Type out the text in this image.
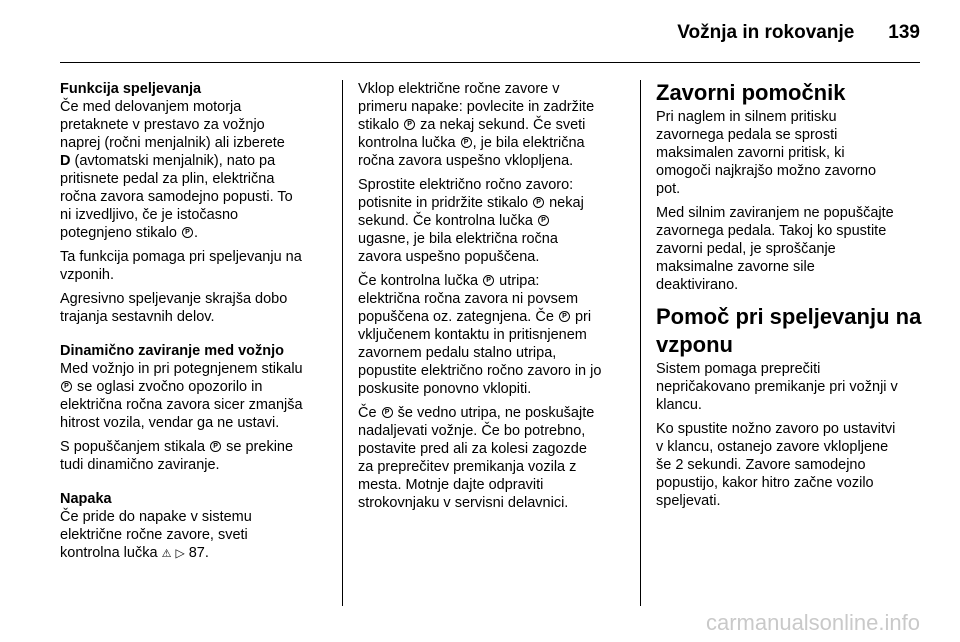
Vožnja in rokovanje 139
Funkcija speljevanja

Če med delovanjem motorja
pretaknete v prestavo za vožnjo
naprej (ročni menjalnik) ali izberete
D (avtomatski menjalnik), nato pa
pritisnete pedal za plin, električna
ročna zavora samodejno popusti. To
ni izvedljivo, če je istočasno
potegnjeno stikalo P .

Ta funkcija pomaga pri speljevanju na
vzponih.

Agresivno speljevanje skrajša dobo
trajanja sestavnih delov.

Dinamično zaviranje med vožnjo

Med vožnjo in pri potegnjenem stikalu
P se oglasi zvočno opozorilo in
električna ročna zavora sicer zmanjša
hitrost vozila, vendar ga ne ustavi.

S popuščanjem stikala P se prekine
tudi dinamično zaviranje.

Napaka

Če pride do napake v sistemu
električne ročne zavore, sveti
kontrolna lučka ⚠ ▷ 87.

Vklop električne ročne zavore v
primeru napake: povlecite in zadržite
stikalo P za nekaj sekund. Če sveti
kontrolna lučka P , je bila električna
ročna zavora uspešno vklopljena.

Sprostite električno ročno zavoro:
potisnite in pridržite stikalo P nekaj
sekund. Če kontrolna lučka P
ugasne, je bila električna ročna
zavora uspešno popuščena.

Če kontrolna lučka P utripa:
električna ročna zavora ni povsem
popuščena oz. zategnjena. Če P pri
vključenem kontaktu in pritisnjenem
zavornem pedalu stalno utripa,
popustite električno ročno zavoro in jo
poskusite ponovno vklopiti.

Če P še vedno utripa, ne poskušajte
nadaljevati vožnje. Če bo potrebno,
postavite pred ali za kolesi zagozde
za preprečitev premikanja vozila z
mesta. Motnje dajte odpraviti
strokovnjaku v servisni delavnici.

Zavorni pomočnik

Pri naglem in silnem pritisku
zavornega pedala se sprosti
maksimalen zavorni pritisk, ki
omogoči najkrajšo možno zavorno
pot.

Med silnim zaviranjem ne popuščajte
zavornega pedala. Takoj ko spustite
zavorni pedal, je sproščanje
maksimalne zavorne sile
deaktivirano.

Pomoč pri speljevanju na
vzponu

Sistem pomaga preprečiti
nepričakovano premikanje pri vožnji v
klancu.

Ko spustite nožno zavoro po ustavitvi
v klancu, ostanejo zavore vklopljene
še 2 sekundi. Zavore samodejno
popustijo, kakor hitro začne vozilo
speljevati.

carmanualsonline.info
